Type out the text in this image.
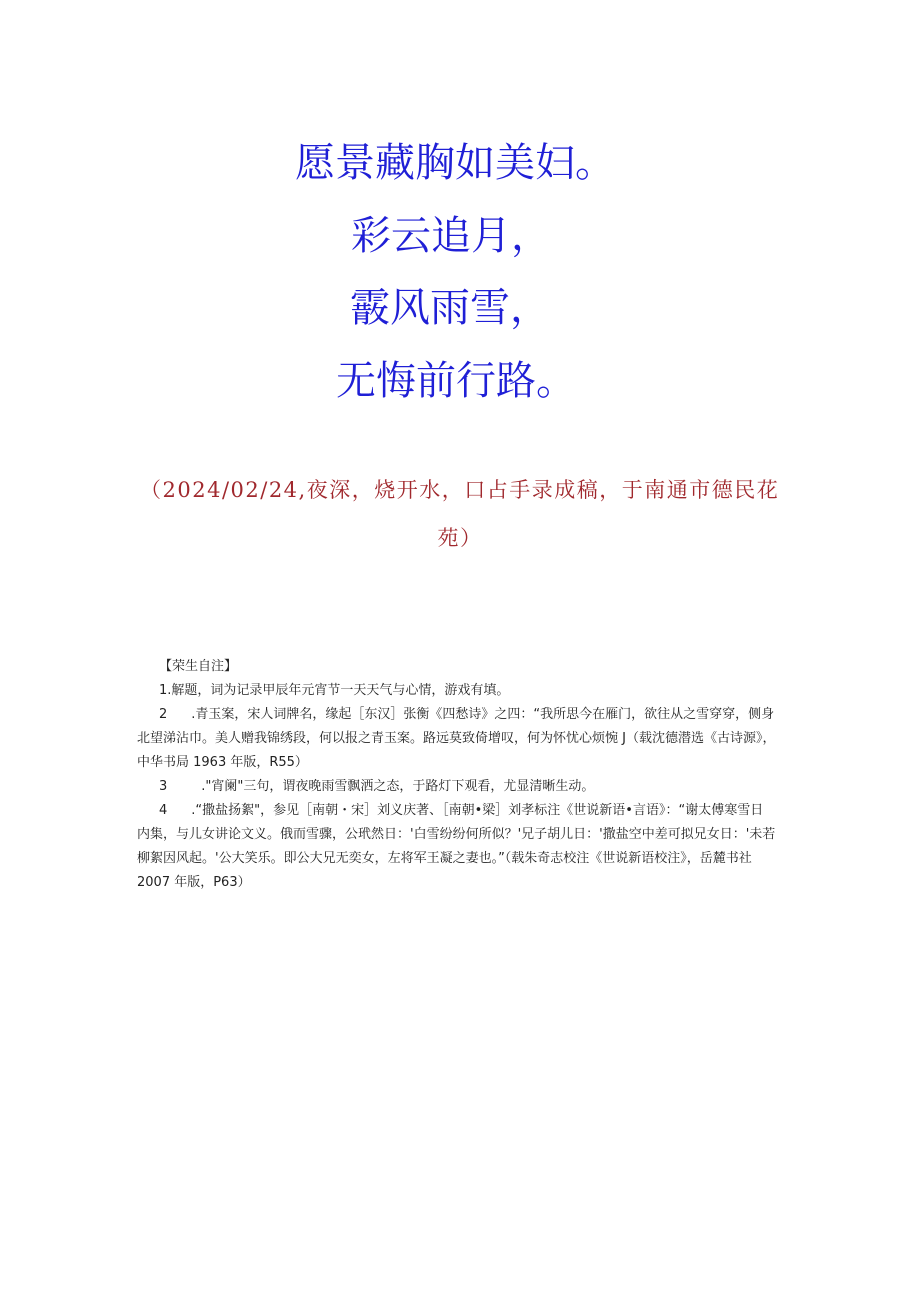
愿景藏胸如美妇。
彩云追月，
霰风雨雪，
无悔前行路。
（2024/02/24,夜深，烧开水，口占手录成稿，于南通市德民花
苑）
【荣生自注】
1.解题，词为记录甲辰年元宵节一天天气与心情，游戏有填。
2 .青玉案，宋人词牌名，缘起［东汉］张衡《四愁诗》之四：“我所思今在雁门，欲往从之雪穿穿，侧身
北望涕沾巾。美人赠我锦绣段，何以报之青玉案。路远莫致倚增叹，何为怀忧心烦惋 J（载沈德潜选《古诗源》，
中华书局 1963 年版，R55）
3	."宵阑"三句，谓夜晚雨雪飘洒之态，于路灯下观看，尤显清晰生动。
4 .“撒盐扬絮"，参见［南朝・宋］刘义庆著、［南朝•梁］刘孝标注《世说新语•言语》：“谢太傅寒雪日
内集，与儿女讲论文义。俄而雪骤，公玳然日：'白雪纷纷何所似？'兄子胡儿日：'撒盐空中差可拟兄女日：'未若
柳絮因风起。'公大笑乐。即公大兄无奕女，左将军王凝之妻也。”（载朱奇志校注《世说新语校注》，岳麓书社
2007 年版，P63）
